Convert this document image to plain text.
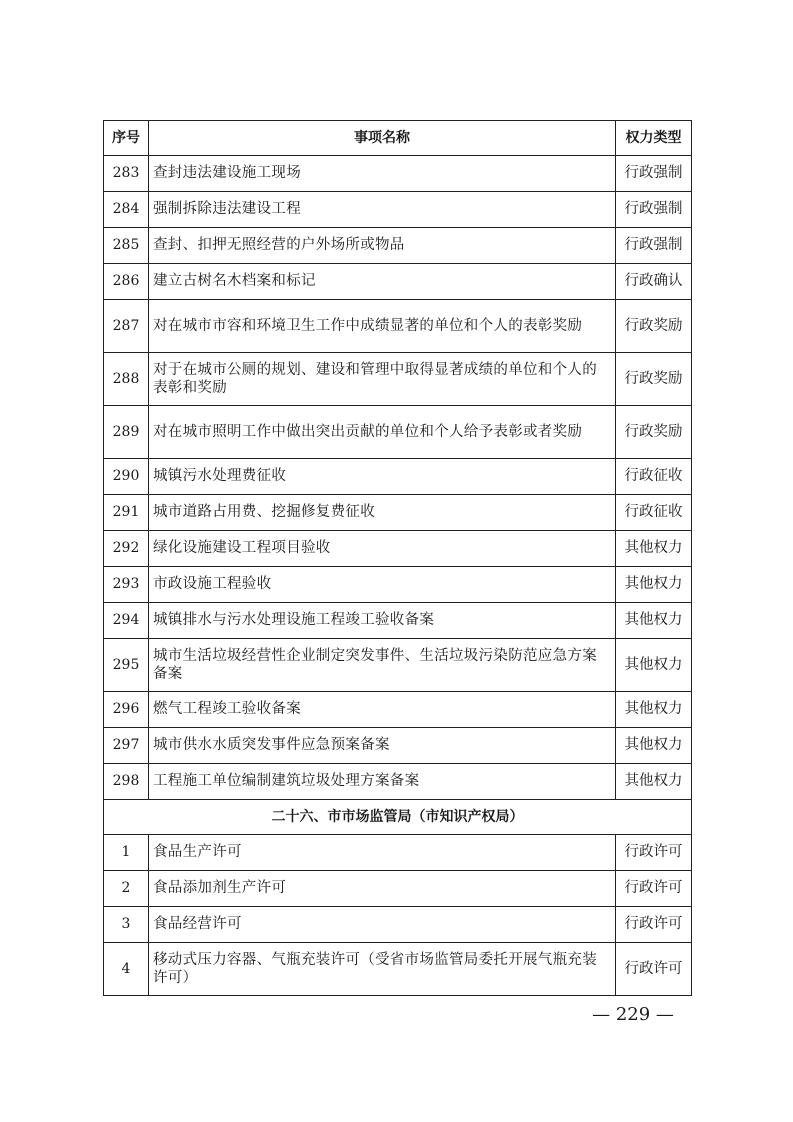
序号	事项名称	权力类型
283	查封违法建设施工现场	行政强制
284	强制拆除违法建设工程	行政强制
285	查封、扣押无照经营的户外场所或物品	行政强制
286	建立古树名木档案和标记	行政确认
287	对在城市市容和环境卫生工作中成绩显著的单位和个人的表彰奖励	行政奖励
288	对于在城市公厕的规划、建设和管理中取得显著成绩的单位和个人的表彰和奖励	行政奖励
289	对在城市照明工作中做出突出贡献的单位和个人给予表彰或者奖励	行政奖励
290	城镇污水处理费征收	行政征收
291	城市道路占用费、挖掘修复费征收	行政征收
292	绿化设施建设工程项目验收	其他权力
293	市政设施工程验收	其他权力
294	城镇排水与污水处理设施工程竣工验收备案	其他权力
295	城市生活垃圾经营性企业制定突发事件、生活垃圾污染防范应急方案备案	其他权力
296	燃气工程竣工验收备案	其他权力
297	城市供水水质突发事件应急预案备案	其他权力
298	工程施工单位编制建筑垃圾处理方案备案	其他权力
二十六、市市场监管局（市知识产权局）		
1	食品生产许可	行政许可
2	食品添加剂生产许可	行政许可
3	食品经营许可	行政许可
4	移动式压力容器、气瓶充装许可（受省市场监管局委托开展气瓶充装许可）	行政许可
— 229 —
